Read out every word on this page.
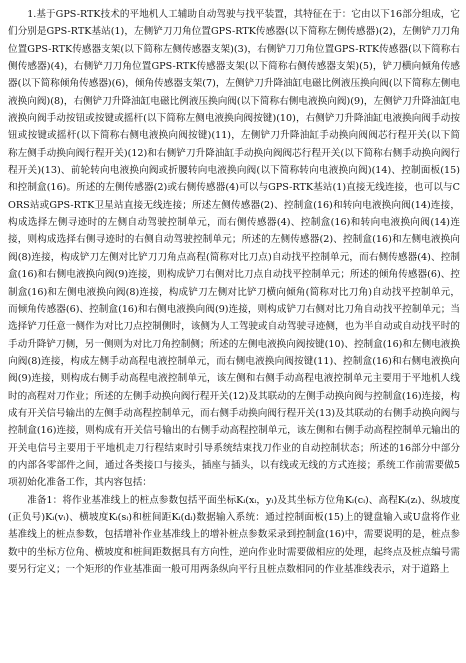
1.基于GPS-RTK技术的平地机人工辅助自动驾驶与找平装置，其特征在于：它由以下16部分组成，它们分别是GPS-RTK基站(1)，左侧铲刀刀角位置GPS-RTK传感器(以下简称左侧传感器)(2)，左侧铲刀刀角位置GPS-RTK传感器支架(以下简称左侧传感器支架)(3)，右侧铲刀刀角位置GPS-RTK传感器(以下简称右侧传感器)(4)，右侧铲刀刀角位置GPS-RTK传感器支架(以下简称右侧传感器支架)(5)，铲刀横向倾角传感器(以下简称倾角传感器)(6)，倾角传感器支架(7)，左侧铲刀升降油缸电磁比例液压换向阀(以下简称左侧电液换向阀)(8)，右侧铲刀升降油缸电磁比例液压换向阀(以下简称右侧电液换向阀)(9)，左侧铲刀升降油缸电液换向阀手动按钮或按键或摇杆(以下简称左侧电液换向阀按键)(10)，右侧铲刀升降油缸电液换向阀手动按钮或按键或摇杆(以下简称右侧电液换向阀按键)(11)，左侧铲刀升降油缸手动换向阀阀芯行程开关(以下简称左侧手动换向阀行程开关)(12)和右侧铲刀升降油缸手动换向阀阀芯行程开关(以下简称右侧手动换向阀行程开关)(13)、前轮转向电液换向阀或折腰转向电液换向阀(以下简称转向电液换向阀)(14)、控制面板(15)和控制盒(16)。所述的左侧传感器(2)或右侧传感器(4)可以与GPS-RTK基站(1)直接无线连接，也可以与CORS站或GPS-RTK卫星站直接无线连接；所述左侧传感器(2)、控制盒(16)和转向电液换向阀(14)连接，构成选择左侧寻迹时的左侧自动驾驶控制单元，而右侧传感器(4)、控制盒(16)和转向电液换向阀(14)连接，则构成选择右侧寻迹时的右侧自动驾驶控制单元；所述的左侧传感器(2)、控制盒(16)和左侧电液换向阀(8)连接，构成铲刀左侧对比铲刀刀角点高程(简称对比刀点)自动找平控制单元，而右侧传感器(4)、控制盒(16)和右侧电液换向阀(9)连接，则构成铲刀右侧对比刀点自动找平控制单元；所述的倾角传感器(6)、控制盒(16)和左侧电液换向阀(8)连接，构成铲刀左侧对比铲刀横向倾角(简称对比刀角)自动找平控制单元，而倾角传感器(6)、控制盒(16)和右侧电液换向阀(9)连接，则构成铲刀右侧对比刀角自动找平控制单元；当选择铲刀任意一侧作为对比刀点控制侧时，该侧为人工驾驶或自动驾驶寻迹侧，也为半自动或自动找平时的手动升降铲刀侧，另一侧则为对比刀角控制侧；所述的左侧电液换向阀按键(10)、控制盒(16)和左侧电液换向阀(8)连接，构成左侧手动高程电液控制单元，而右侧电液换向阀按键(11)、控制盒(16)和右侧电液换向阀(9)连接，则构成右侧手动高程电液控制单元，该左侧和右侧手动高程电液控制单元主要用于平地机人线时的高程对刀作业；所述的左侧手动换向阀行程开关(12)及其联动的左侧手动换向阀与控制盒(16)连接，构成有开关信号输出的左侧手动高程控制单元，而右侧手动换向阀行程开关(13)及其联动的右侧手动换向阀与控制盒(16)连接，则构成有开关信号输出的右侧手动高程控制单元，该左侧和右侧手动高程控制单元输出的开关电信号主要用于平地机走刀行程结束时引导系统结束找刀作业的自动控制状态；所述的16部分中部分的内部各零部件之间，通过各类接口与接头，插座与插头，以有线或无线的方式连接；系统工作前需要做5项初始化准备工作，其内容包括：

准备1：将作业基准线上的桩点参数包括平面坐标Kᵢ(xᵢ，yᵢ)及其坐标方位角Kᵢ(cᵢ)、高程Kᵢ(zᵢ)、纵坡度(正负号)Kᵢ(vᵢ)、横坡度Kᵢ(sᵢ)和桩间距Kᵢ(dᵢ)数据输入系统：通过控制面板(15)上的键盘输入或U盘将作业基准线上的桩点参数，包括增补作业基准线上的增补桩点参数采录到控制盒(16)中，需要说明的是，桩点参数中的坐标方位角、横坡度和桩间距数据具有方向性，逆向作业时需要做相应的处理，起终点及桩点编号需要另行定义；一个矩形的作业基准面一般可用两条纵向平行且桩点数相同的作业基准线表示，对于道路上
